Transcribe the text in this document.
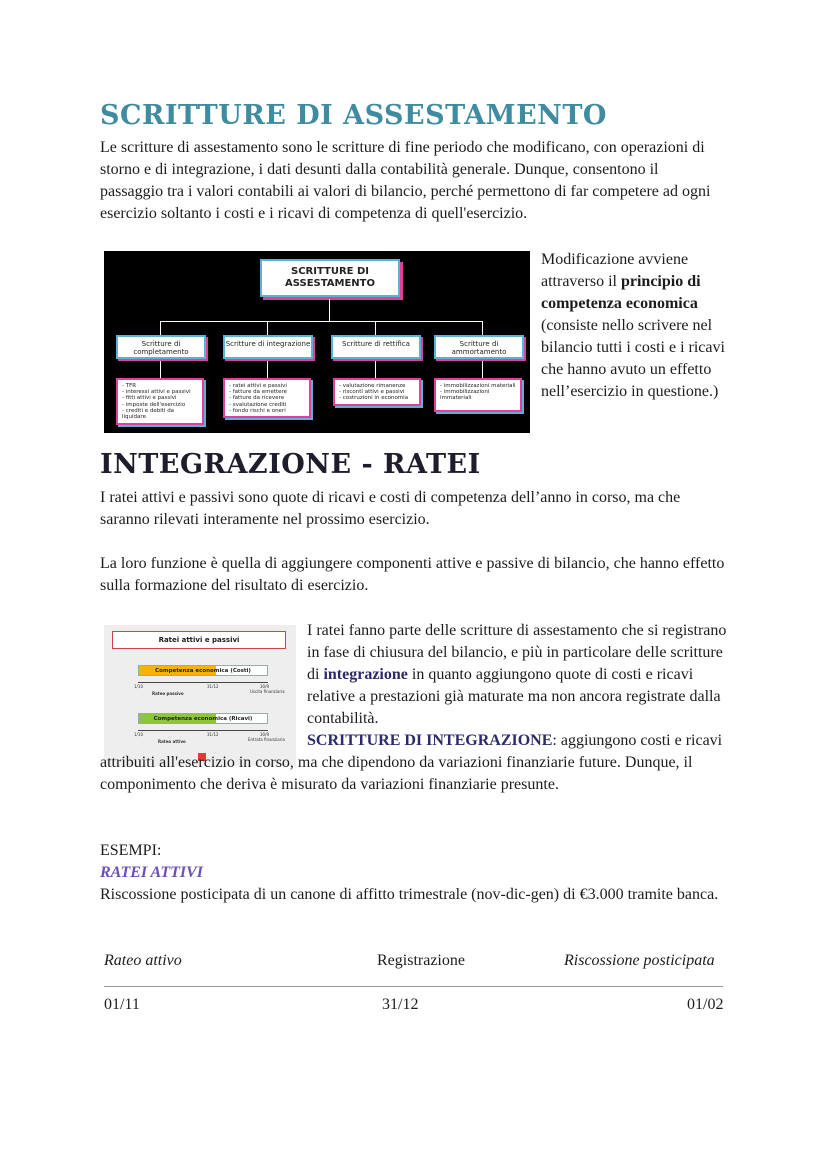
SCRITTURE DI ASSESTAMENTO
Le scritture di assestamento sono le scritture di fine periodo che modificano, con operazioni di storno e di integrazione, i dati desunti dalla contabilità generale. Dunque, consentono il passaggio tra i valori contabili ai valori di bilancio, perché permettono di far competere ad ogni esercizio soltanto i costi e i ricavi di competenza di quell'esercizio.
SCRITTURE DI ASSESTAMENTO
Scritture di completamento
Scritture di integrazione	Scritture di rettifica	Scritture di ammortamento
- TFR
- interessi attivi e passivi
- fitti attivi e passivi
- imposte dell'esercizio
- crediti e debiti da liquidare
- ratei attivi e passivi
- fatture da emettere
- fatture da ricevere
- svalutazione crediti
- fondo rischi e oneri
- valutazione rimanenze
- risconti attivi e passivi
- costruzioni in economia
- immobilizzazioni materiali
- immobilizzazioni immateriali
Modificazione avviene attraverso il principio di competenza economica (consiste nello scrivere nel bilancio tutti i costi e i ricavi che hanno avuto un effetto nell’esercizio in questione.)
INTEGRAZIONE - RATEI
I ratei attivi e passivi sono quote di ricavi e costi di competenza dell’anno in corso, ma che saranno rilevati interamente nel prossimo esercizio.
La loro funzione è quella di aggiungere componenti attive e passive di bilancio, che hanno effetto sulla formazione del risultato di esercizio.
Ratei attivi e passivi
Competenza economica (Costi)
1/10	31/12	30/9
Rateo passivo	Uscita finanziaria
Competenza economica (Ricavi)
1/10	31/12	30/9
Rateo attivo	Entrata finanziaria
I ratei fanno parte delle scritture di assestamento che si registrano in fase di chiusura del bilancio, e più in particolare delle scritture di integrazione in quanto aggiungono quote di costi e ricavi relative a prestazioni già maturate ma non ancora registrate dalla contabilità.
SCRITTURE DI INTEGRAZIONE: aggiungono costi e ricavi attribuiti all'esercizio in corso, ma che dipendono da variazioni finanziarie future. Dunque, il componimento che deriva è misurato da variazioni finanziarie presunte.
ESEMPI:
RATEI ATTIVI
Riscossione posticipata di un canone di affitto trimestrale (nov-dic-gen) di €3.000 tramite banca.
Rateo attivo	Registrazione	Riscossione posticipata
01/11	31/12	01/02
